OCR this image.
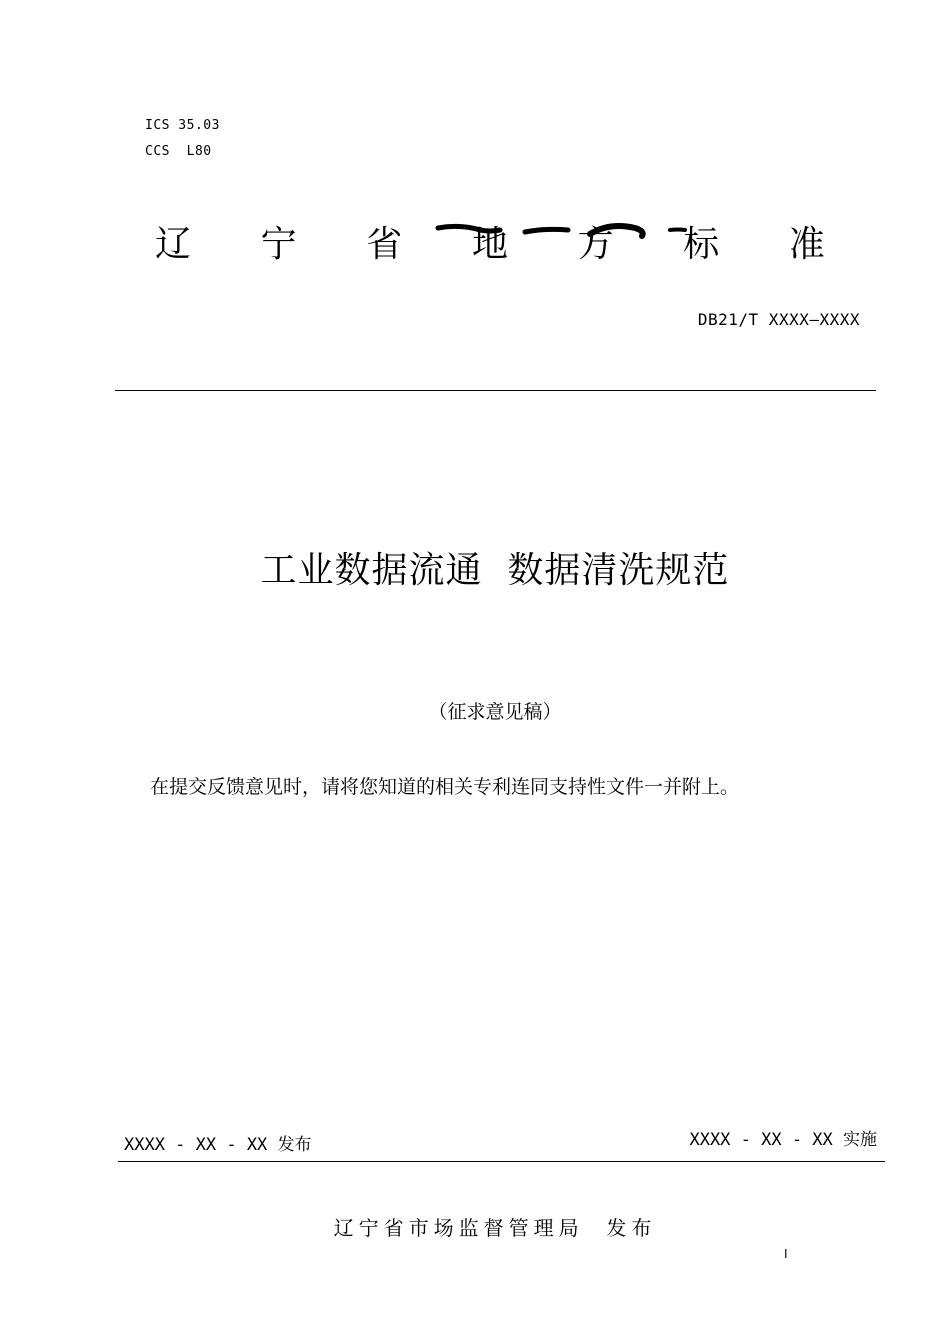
ICS 35.03
CCS  L80
辽 宁 省 地 方 标 准
DB21/T XXXX—XXXX
工业数据流通  数据清洗规范
（征求意见稿）
在提交反馈意见时，请将您知道的相关专利连同支持性文件一并附上。
XXXX - XX - XX 发布	XXXX - XX - XX 实施
辽宁省市场监督管理局  发布
I
